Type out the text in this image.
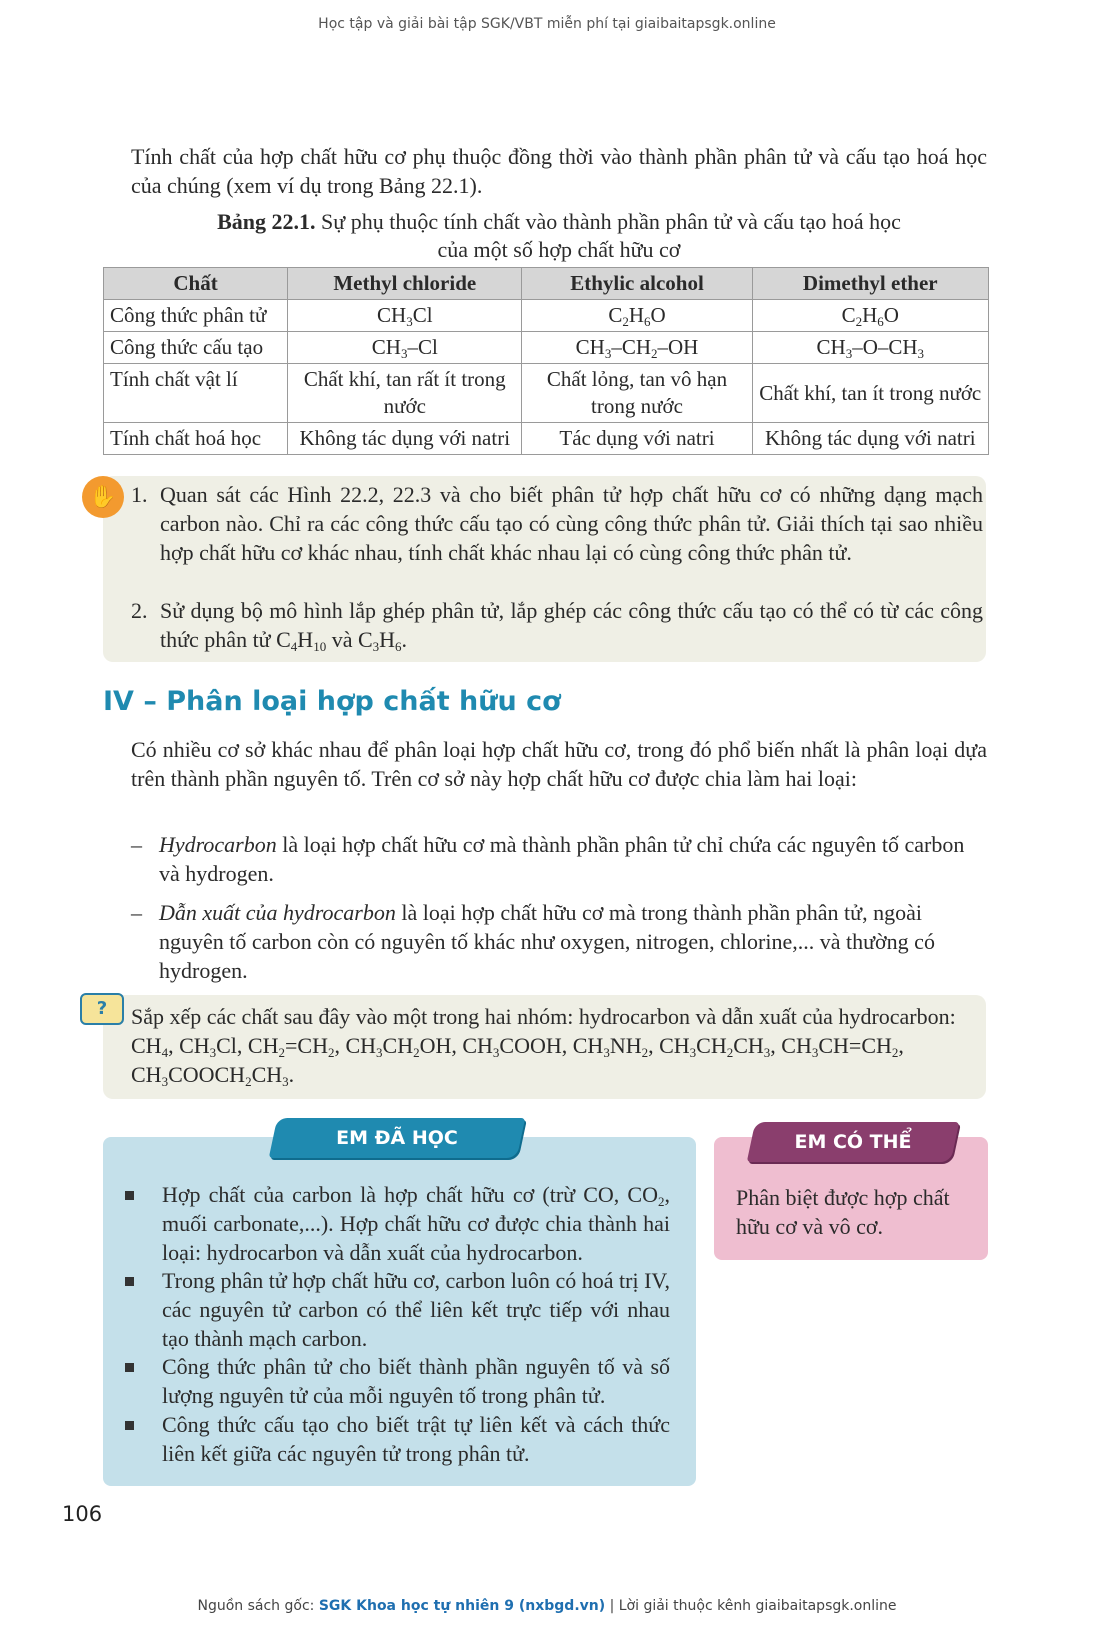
Học tập và giải bài tập SGK/VBT miễn phí tại giaibaitapsgk.online
Tính chất của hợp chất hữu cơ phụ thuộc đồng thời vào thành phần phân tử và cấu tạo hoá học của chúng (xem ví dụ trong Bảng 22.1).
Bảng 22.1. Sự phụ thuộc tính chất vào thành phần phân tử và cấu tạo hoá học
của một số hợp chất hữu cơ
Chất	Methyl chloride	Ethylic alcohol	Dimethyl ether
Công thức phân tử	$CH_3Cl$	$C_2H_6O$	$C_2H_6O$
Công thức cấu tạo	$CH_3-Cl$	$CH_3-CH_2-OH$	$CH_3-O-CH_3$
Tính chất vật lí	Chất khí, tan rất ít trong nước	Chất lỏng, tan vô hạn trong nước	Chất khí, tan ít trong nước
Tính chất hoá học	Không tác dụng với natri	Tác dụng với natri	Không tác dụng với natri
✋ 1. Quan sát các Hình 22.2, 22.3 và cho biết phân tử hợp chất hữu cơ có những dạng mạch carbon nào. Chỉ ra các công thức cấu tạo có cùng công thức phân tử. Giải thích tại sao nhiều hợp chất hữu cơ khác nhau, tính chất khác nhau lại có cùng công thức phân tử.
2. Sử dụng bộ mô hình lắp ghép phân tử, lắp ghép các công thức cấu tạo có thể có từ các công thức phân tử $C_4H_{10}$ và $C_3H_6$.
IV – Phân loại hợp chất hữu cơ
Có nhiều cơ sở khác nhau để phân loại hợp chất hữu cơ, trong đó phổ biến nhất là phân loại dựa trên thành phần nguyên tố. Trên cơ sở này hợp chất hữu cơ được chia làm hai loại:
– Hydrocarbon là loại hợp chất hữu cơ mà thành phần phân tử chỉ chứa các nguyên tố carbon và hydrogen.
– Dẫn xuất của hydrocarbon là loại hợp chất hữu cơ mà trong thành phần phân tử, ngoài nguyên tố carbon còn có nguyên tố khác như oxygen, nitrogen, chlorine,... và thường có hydrogen.
?	Sắp xếp các chất sau đây vào một trong hai nhóm: hydrocarbon và dẫn xuất của hydrocarbon: $CH_4$, $CH_3Cl$, $CH_2=CH_2$, $CH_3CH_2OH$, $CH_3COOH$, $CH_3NH_2$, $CH_3CH_2CH_3$, $CH_3CH=CH_2$, $CH_3COOCH_2CH_3$.
EM ĐÃ HỌC
Hợp chất của carbon là hợp chất hữu cơ (trừ CO, $CO_2$, muối carbonate,...). Hợp chất hữu cơ được chia thành hai loại: hydrocarbon và dẫn xuất của hydrocarbon.
Trong phân tử hợp chất hữu cơ, carbon luôn có hoá trị IV, các nguyên tử carbon có thể liên kết trực tiếp với nhau tạo thành mạch carbon.
Công thức phân tử cho biết thành phần nguyên tố và số lượng nguyên tử của mỗi nguyên tố trong phân tử.
Công thức cấu tạo cho biết trật tự liên kết và cách thức liên kết giữa các nguyên tử trong phân tử.
EM CÓ THỂ
Phân biệt được hợp chất hữu cơ và vô cơ.
106
Nguồn sách gốc: SGK Khoa học tự nhiên 9 (nxbgd.vn) | Lời giải thuộc kênh giaibaitapsgk.online
